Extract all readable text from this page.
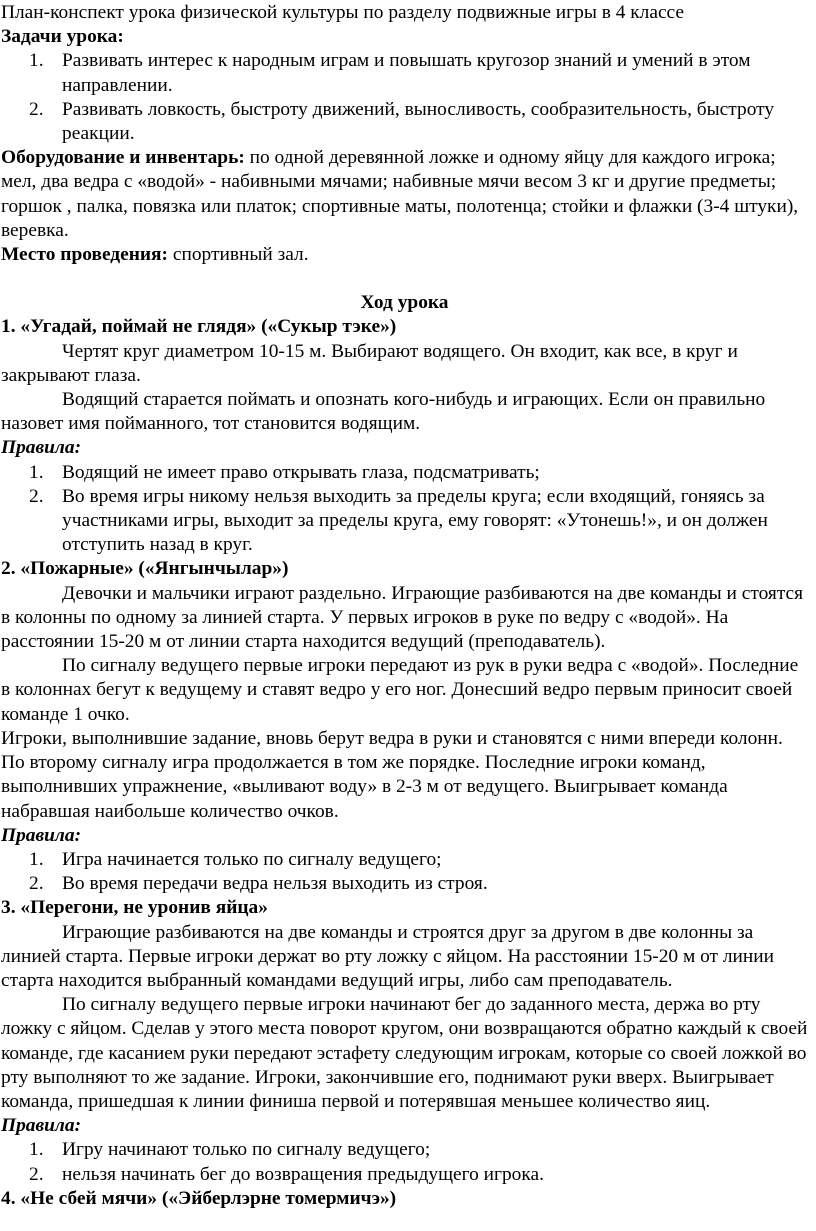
План-конспект урока физической культуры по разделу подвижные игры в 4 классе

Задачи урока:

1. Развивать интерес к народным играм и повышать кругозор знаний и умений в этом направлении.
2. Развивать ловкость, быстроту движений, выносливость, сообразительность, быстроту реакции.

Оборудование и инвентарь: по одной деревянной ложке и одному яйцу для каждого игрока; мел, два ведра с «водой» - набивными мячами; набивные мячи весом 3 кг и другие предметы; горшок , палка, повязка или платок; спортивные маты, полотенца; стойки и флажки (3-4 штуки), веревка.

Место проведения: спортивный зал.

Ход урока

1. «Угадай, поймай не глядя» («Сукыр тэке»)

Чертят круг диаметром 10-15 м. Выбирают водящего. Он входит, как все, в круг и закрывают глаза.

Водящий старается поймать и опознать кого-нибудь и играющих. Если он правильно назовет имя пойманного, тот становится водящим.

Правила:

1. Водящий не имеет право открывать глаза, подсматривать;
2. Во время игры никому нельзя выходить за пределы круга; если входящий, гоняясь за участниками игры, выходит за пределы круга, ему говорят: «Утонешь!», и он должен отступить назад в круг.

2. «Пожарные» («Янгынчылар»)

Девочки и мальчики играют раздельно. Играющие разбиваются на две команды и стоятся в колонны по одному за линией старта. У первых игроков в руке по ведру с «водой». На расстоянии 15-20 м от линии старта находится ведущий (преподаватель).

По сигналу ведущего первые игроки передают из рук в руки ведра с «водой». Последние в колоннах бегут к ведущему и ставят ведро у его ног. Донесший ведро первым приносит своей команде 1 очко.

Игроки, выполнившие задание, вновь берут ведра в руки и становятся с ними впереди колонн. По второму сигналу игра продолжается в том же порядке. Последние игроки команд, выполнивших упражнение, «выливают воду» в 2-3 м от ведущего. Выигрывает команда набравшая наибольше количество очков.

Правила:

1. Игра начинается только по сигналу ведущего;
2. Во время передачи ведра нельзя выходить из строя.

3. «Перегони, не уронив яйца»

Играющие разбиваются на две команды и строятся друг за другом в две колонны за линией старта. Первые игроки держат во рту ложку с яйцом. На расстоянии 15-20 м от линии старта находится выбранный командами ведущий игры, либо сам преподаватель.

По сигналу ведущего первые игроки начинают бег до заданного места, держа во рту ложку с яйцом. Сделав у этого места поворот кругом, они возвращаются обратно каждый к своей команде, где касанием руки передают эстафету следующим игрокам, которые со своей ложкой во рту выполняют то же задание. Игроки, закончившие его, поднимают руки вверх. Выигрывает команда, пришедшая к линии финиша первой и потерявшая меньшее количество яиц.

Правила:

1. Игру начинают только по сигналу ведущего;
2. нельзя начинать бег до возвращения предыдущего игрока.

4. «Не сбей мячи» («Эйберлэрне томермичэ»)
